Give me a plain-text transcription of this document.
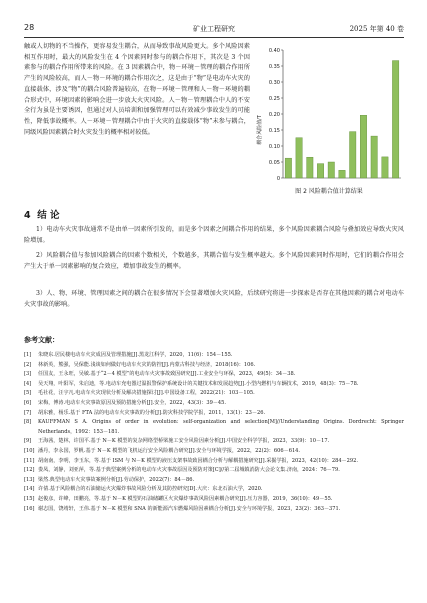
28	矿业工程研究	2025 年第 40 卷

触或人切物的不当操作，更容易发生耦合，从而导致事故风险更大。多个风险因素相互作用时，最大的风险发生在 4 个因素同时参与的耦合作用下，其次是 3 个因素参与的耦合作用所带来的风险。在 3 因素耦合中，物－环境－管理的耦合作用所产生的风险较高，而人－物－环境的耦合作用次之，这是由于“物”是电动车火灾的直接载体，涉及“物”的耦合风险普遍较高，在物－环境－管理和人－物－环境的耦合形式中，环境因素的影响会进一步放大火灾风险。人－物－管理耦合中人的不安全行为虽是主要诱因，但通过对人员培训和加强管理可以有效减少事故发生的可能性，降低事故概率。人－环境－管理耦合中由于火灾的直接载体“物”未参与耦合，同级风险因素耦合时火灾发生的概率相对较低。	耦合风险值/T
0
0.05
0.10
0.15
0.20
0.25
0.30
0.35
0.40
图 2 风险耦合值计算结果
4 结 论

1）电动车火灾事故通常不是由单一因素所引发的，而是多个因素之间耦合作用的结果，多个风险因素耦合风险与叠加效应导致火灾风险增加。

2）风险耦合值与参加风险耦合的因素个数相关，个数越多，其耦合值与发生概率越大。多个风险因素同时作用时，它们的耦合作用会产生大于单一因素影响的复合效应，增加事故发生的概率。

3）人、物、环境、管理因素之间的耦合在很多情况下会显著增加火灾风险，后续研究将进一步探索是否存在其他因素的耦合对电动车火灾事故的影响。

参考文献：
[1] 朱晓东.居民楼电动车火灾成因及管理措施[J].黑龙江科学，2020，11(6)：154－155.
[2] 林新英，熊强，吴保能.浅谈如何做好电动车火灾的防控[J].内蒙古科技与经济，2018(16)：106.
[3] 任国友，王永旺，吴敏.基于“2－4 模型”的电动车火灾事故致因研究[J].工业安全与环保，2023，49(5)：34－38.
[4] 吴天翔，叶阳军，朱启迪，等.电动车充电器过温报警保护系统设计的关键技术和发展趋势[J].小型内燃机与车辆技术，2019，48(3)：75－78.
[5] 毛社花，汪宇凡.电动车火灾现状分析及解决措施探讨[J].中国设备工程，2022(21)：103－105.
[6] 宋梅，博涛.电动车火灾事故原因及预防措施分析[J].安全，2022，43(3)：39－45.
[7] 胡东雅，杨乐.基于 FTA 法的电动车火灾事故的分析[J].防灾科技学院学报，2011，13(1)：23－26.
[8] KAUFFMAN S A. Origins of order in evolution: self-organization and selection[M]//Understanding Origins. Dordrecht: Springer Netherlands，1992：153－181.
[9] 王海茜，楚林，许国平.基于 N－K 模型的复杂网络型桥梁施工安全风险因素分析[J].中国安全科学学报，2023，33(9)：10－17.
[10] 潘丹，李永国，罗帆.基于 N－K 模型的飞机运行安全风险耦合研究[J].安全与环境学报，2022，22(2)：606－614.
[11] 胡南南，李明，李玉东，等.基于 ISM 与 N－K 模型的液压支架事故致因耦合分析与解耦措施研究[J].采掘学报，2023，42(10)：284－292.
[12] 娄凤，刘静，刘亚萍，等.基于典型案例分析的电动车火灾事故原因及预防对策[C]//第二届城镇消防大会论文集.济南，2024：76－79.
[13] 梁然.典型电动车火灾事故案例分析[J].劳动保护，2022(7)：84－86.
[14] 许倩.基于风险耦合的石油储运火灾爆炸事故风险分析及其防控研究[D].大庆：东北石油大学，2020.
[15] 赵俊彦，许峰，田鹏亮，等.基于 N－K 模型的石油储罐区火灾爆炸事故风险因素耦合研究[J].压力容器，2019，36(10)：49－55.
[16] 谢志国，饶靖轩，王伟.基于 N－K 模型和 SNA 的新能源汽车燃爆风险因素耦合分析[J].安全与环境学报，2023，23(2)：363－371.
